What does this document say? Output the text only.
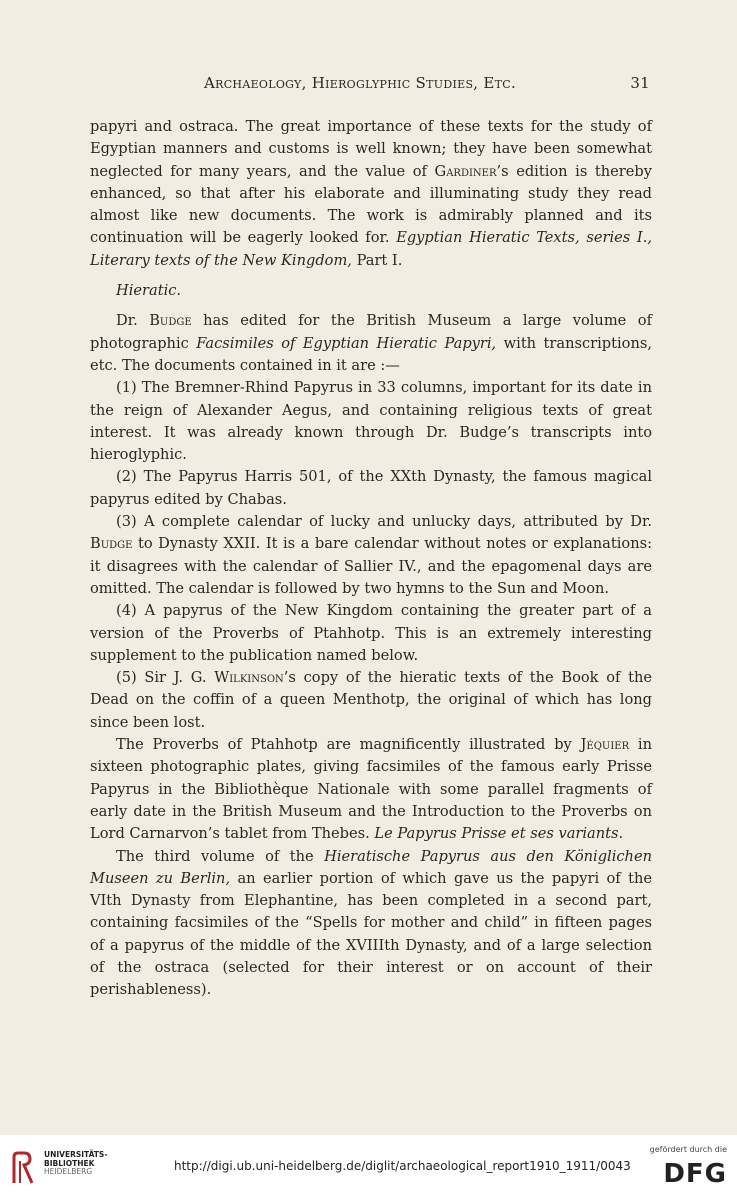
Archaeology, Hieroglyphic Studies, Etc.	31

papyri and ostraca. The great importance of these texts for the study of Egyptian manners and customs is well known; they have been somewhat neglected for many years, and the value of Gardiner’s edition is thereby enhanced, so that after his elaborate and illuminating study they read almost like new documents. The work is admirably planned and its continuation will be eagerly looked for. Egyptian Hieratic Texts, series I., Literary texts of the New Kingdom, Part I.

Hieratic.

Dr. Budge has edited for the British Museum a large volume of photographic Facsimiles of Egyptian Hieratic Papyri, with transcriptions, etc. The documents contained in it are :—

(1) The Bremner-Rhind Papyrus in 33 columns, important for its date in the reign of Alexander Aegus, and containing religious texts of great interest. It was already known through Dr. Budge’s transcripts into hieroglyphic.

(2) The Papyrus Harris 501, of the XXth Dynasty, the famous magical papyrus edited by Chabas.

(3) A complete calendar of lucky and unlucky days, attributed by Dr. Budge to Dynasty XXII. It is a bare calendar without notes or explanations: it disagrees with the calendar of Sallier IV., and the epagomenal days are omitted. The calendar is followed by two hymns to the Sun and Moon.

(4) A papyrus of the New Kingdom containing the greater part of a version of the Proverbs of Ptahhotp. This is an extremely interesting supplement to the publication named below.

(5) Sir J. G. Wilkinson’s copy of the hieratic texts of the Book of the Dead on the coffin of a queen Menthotp, the original of which has long since been lost.

The Proverbs of Ptahhotp are magnificently illustrated by Jéquier in sixteen photographic plates, giving facsimiles of the famous early Prisse Papyrus in the Bibliothèque Nationale with some parallel fragments of early date in the British Museum and the Introduction to the Proverbs on Lord Carnarvon’s tablet from Thebes. Le Papyrus Prisse et ses variants.

The third volume of the Hieratische Papyrus aus den Königlichen Museen zu Berlin, an earlier portion of which gave us the papyri of the VIth Dynasty from Elephantine, has been completed in a second part, containing facsimiles of the “Spells for mother and child” in fifteen pages of a papyrus of the middle of the XVIIIth Dynasty, and of a large selection of the ostraca (selected for their interest or on account of their perishableness).

UNIVERSITÄTS-
BIBLIOTHEK
HEIDELBERG	http://digi.ub.uni-heidelberg.de/diglit/archaeological_report1910_1911/0043
gefördert durch die
DFG
